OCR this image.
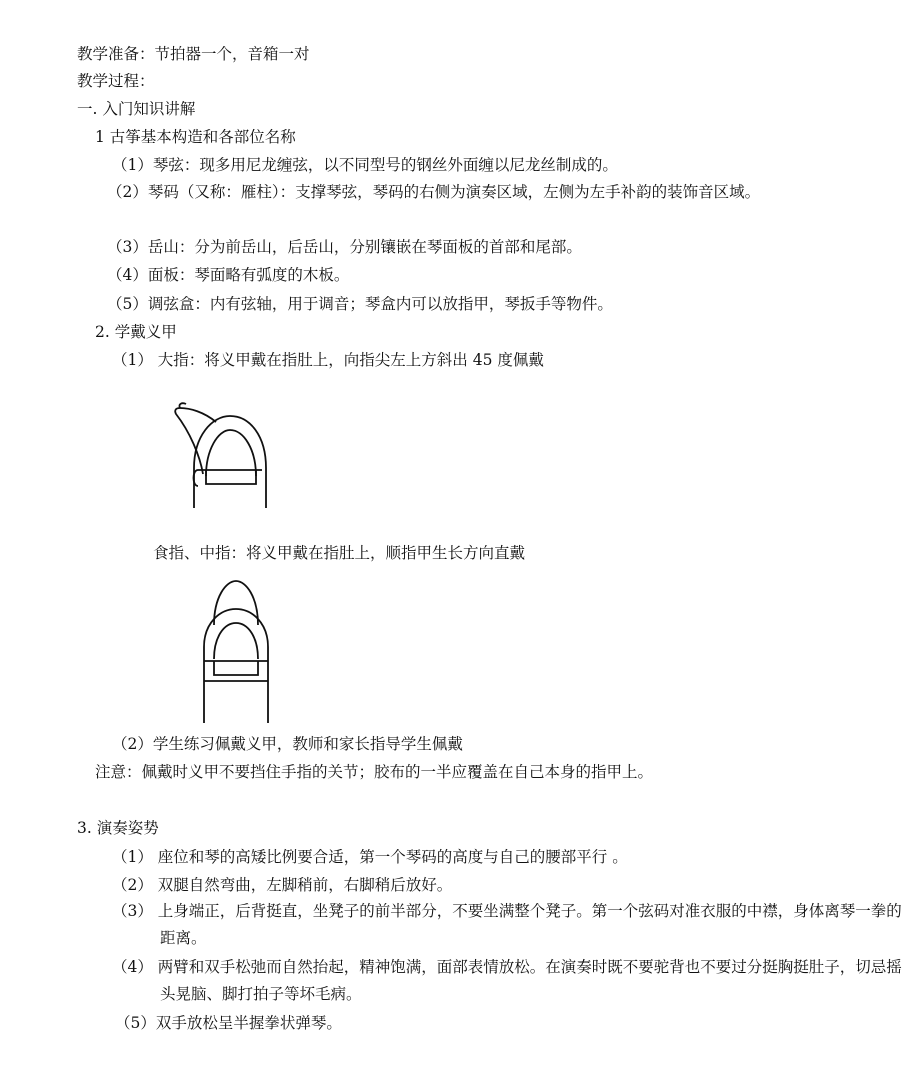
教学准备：节拍器一个，音箱一对
教学过程：
一. 入门知识讲解
1 古筝基本构造和各部位名称
（1）琴弦：现多用尼龙缠弦，以不同型号的钢丝外面缠以尼龙丝制成的。
（2）琴码（又称：雁柱）：支撑琴弦，琴码的右侧为演奏区域，左侧为左手补韵的装饰音区域。
（3）岳山：分为前岳山，后岳山，分别镶嵌在琴面板的首部和尾部。
（4）面板：琴面略有弧度的木板。
（5）调弦盒：内有弦轴，用于调音；琴盒内可以放指甲，琴扳手等物件。
2. 学戴义甲
（1） 大指：将义甲戴在指肚上，向指尖左上方斜出 45 度佩戴
食指、中指：将义甲戴在指肚上，顺指甲生长方向直戴
（2）学生练习佩戴义甲，教师和家长指导学生佩戴
注意：佩戴时义甲不要挡住手指的关节；胶布的一半应覆盖在自己本身的指甲上。
3. 演奏姿势
（1） 座位和琴的高矮比例要合适，第一个琴码的高度与自己的腰部平行 。
（2） 双腿自然弯曲，左脚稍前，右脚稍后放好。
（3） 上身端正，后背挺直，坐凳子的前半部分，不要坐满整个凳子。第一个弦码对准衣服的中襟，身体离琴一拳的距离。
（4） 两臂和双手松弛而自然抬起，精神饱满，面部表情放松。在演奏时既不要驼背也不要过分挺胸挺肚子，切忌摇头晃脑、脚打拍子等坏毛病。
（5）双手放松呈半握拳状弹琴。
